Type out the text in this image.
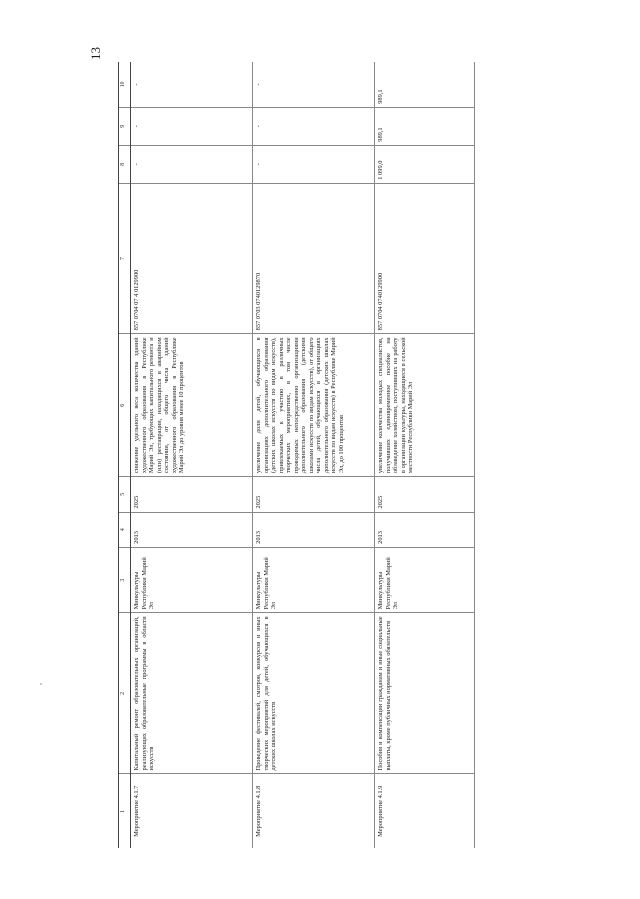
13
1	2	3	4	5	6	7	8	9	10
Мероприятие 4.1.7	Капитальный ремонт образовательных организаций, реализующих образовательные программы в области искусств	Минкультуры Республики Марий Эл	2013	2025	снижение удельного веса количества зданий художественного образования в Республике Марий Эл, требующих капитального ремонта и (или) реставрации, находящихся в аварийном состоянии, от общего числа зданий художественного образования в Республике Марий Эл до уровня менее 10 процентов	857 0704 07 4 0129900	-	-	-
Мероприятие 4.1.8	Проведение фестивалей, смотров, конкурсов и иных творческих мероприятий для детей, обучающихся в детских школах искусств	Минкультуры Республики Марий Эл	2013	2025	увеличение доли детей, обучающихся в организациях дополнительного образования (детских школах искусств по видам искусств), привлекаемых к участию в различных творческих мероприятиях, в том числе проводимых непосредственно организациями дополнительного образования (детскими школами искусств по видам искусств), от общего числа детей, обучающихся в организациях дополнительного образования (детских школах искусств по видам искусств) в Республике Марий Эл, до 100 процентов	857 0703 0740129870	-	-	-
Мероприятие 4.1.9	Пособия и компенсации гражданам и иные социальные выплаты, кроме публичных нормативных обязательств	Минкультуры Республики Марий Эл	2013	2025	увеличение количества молодых специалистов, получивших единовременное пособие на обзаведение хозяйством, поступивших на работу в организации культуры, находящиеся в сельской местности Республики Марий Эл	857 0704 0740129900	1 099,0	989,1	989,1
